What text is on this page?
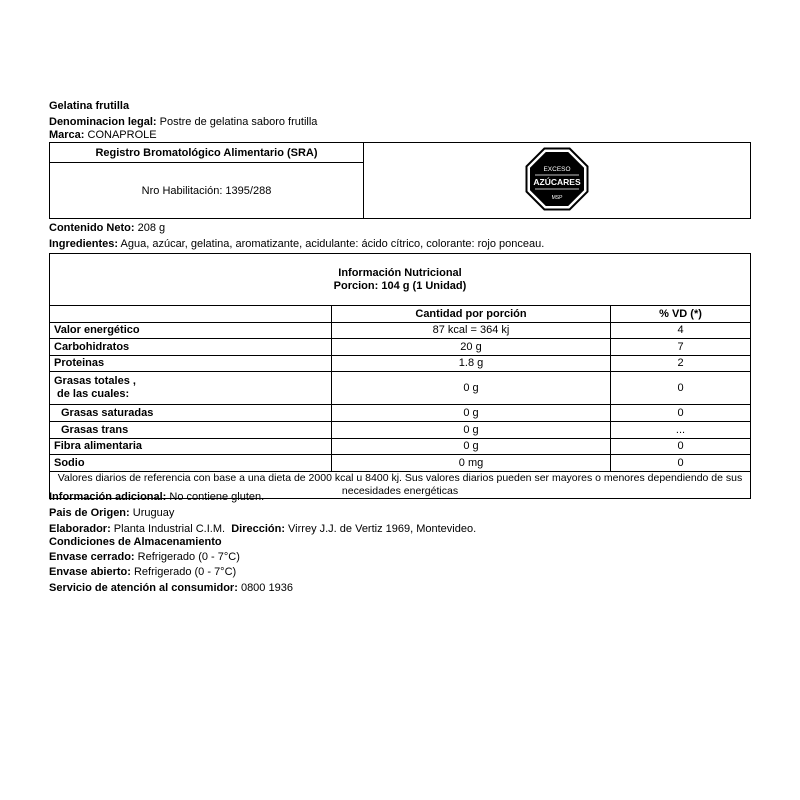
Gelatina frutilla
Denominacion legal: Postre de gelatina saboro frutilla
Marca: CONAPROLE
Registro Bromatológico Alimentario (SRA)	
EXCESO
AZÚCARES
MSP

Nro Habilitación: 1395/288
Contenido Neto: 208 g
Ingredientes: Agua, azúcar, gelatina, aromatizante, acidulante: ácido cítrico, colorante: rojo ponceau.
Información Nutricional
Porcion: 104 g (1 Unidad)		

	Cantidad por porción	% VD (*)
Valor energético	87 kcal = 364 kj	4
Carbohidratos	20 g	7
Proteinas	1.8 g	2

Grasas totales ,
de las cuales:	0 g	0
Grasas saturadas	0 g	0
Grasas trans	0 g	...
Fibra alimentaria	0 g	0
Sodio	0 mg	0
Valores diarios de referencia con base a una dieta de 2000 kcal u 8400 kj. Sus valores diarios pueden ser mayores o menores dependiendo de sus necesidades energéticas		
Información adicional: No contiene gluten.
Pais de Origen: Uruguay
Elaborador: Planta Industrial C.I.M. Dirección: Virrey J.J. de Vertiz 1969, Montevideo.
Condiciones de Almacenamiento
Envase cerrado: Refrigerado (0 - 7°C)
Envase abierto: Refrigerado (0 - 7°C)
Servicio de atención al consumidor: 0800 1936
